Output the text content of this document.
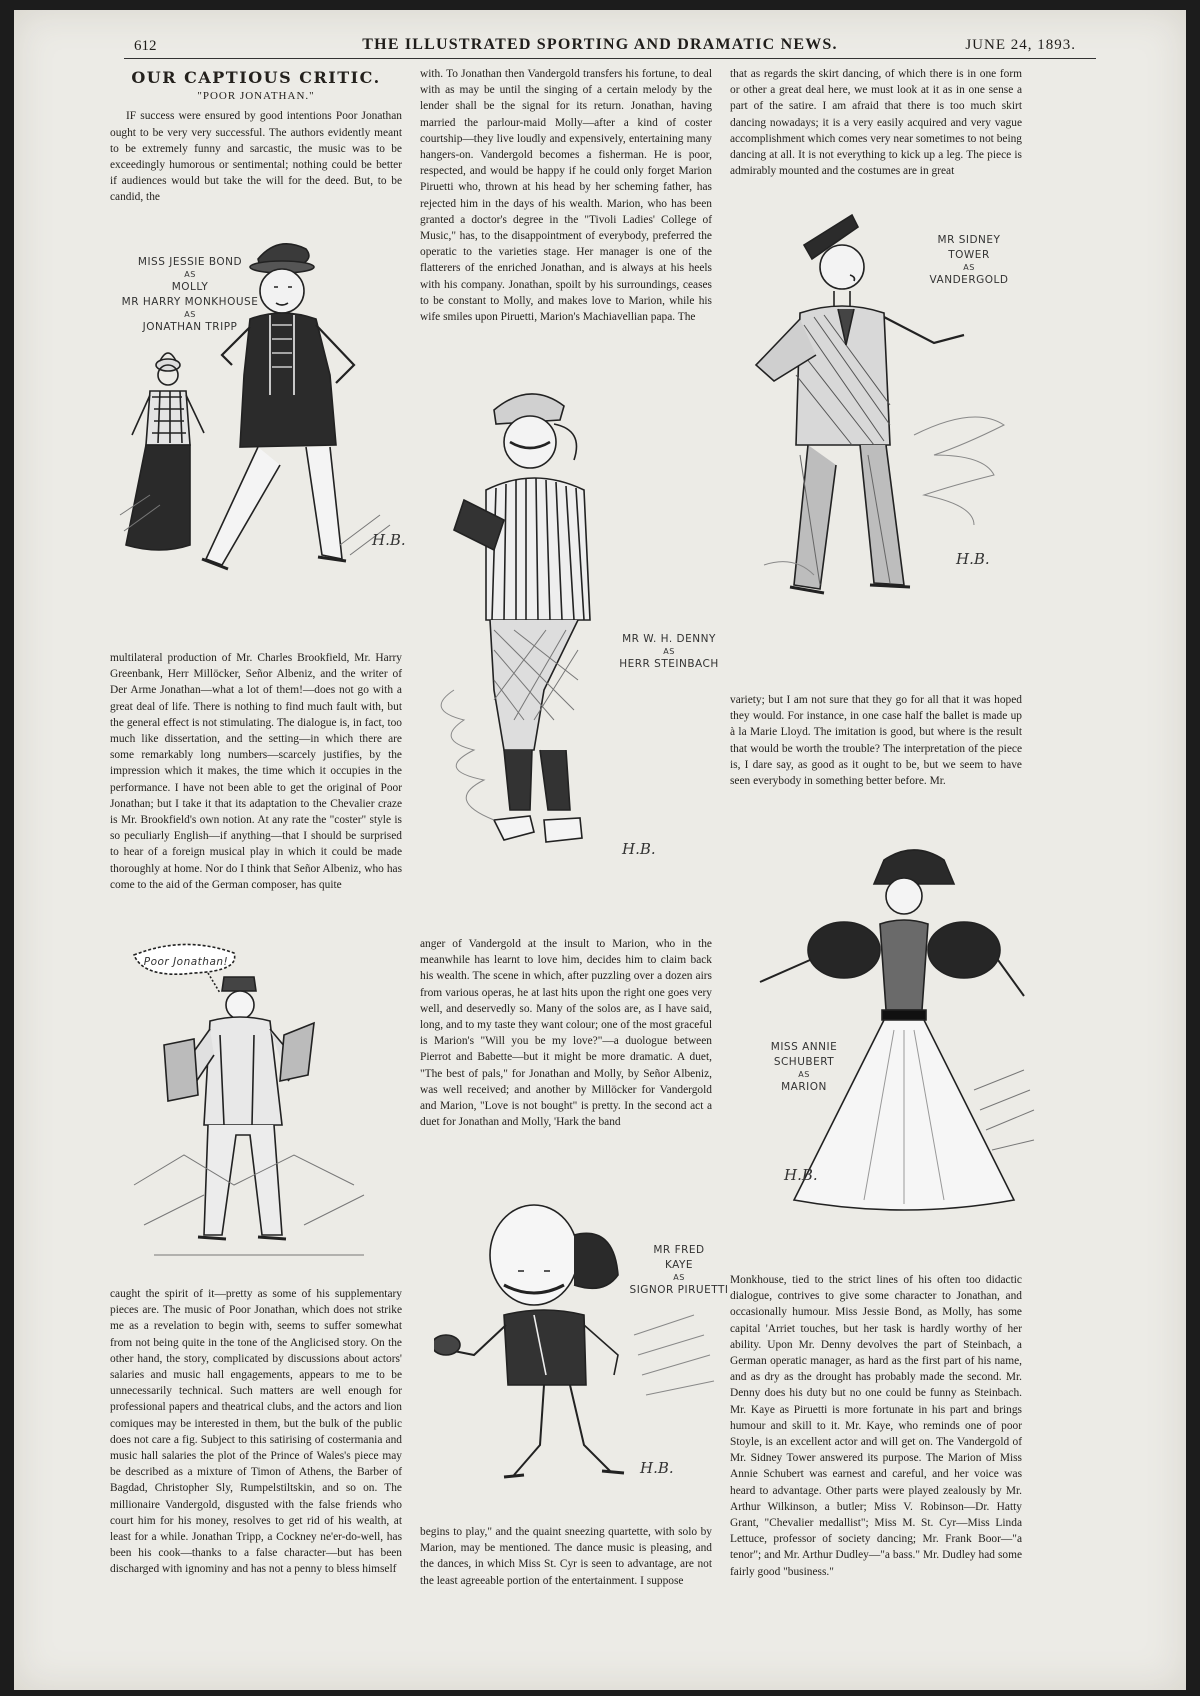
612	THE ILLUSTRATED SPORTING AND DRAMATIC NEWS.	JUNE 24, 1893.
OUR CAPTIOUS CRITIC.
"POOR JONATHAN."

IF success were ensured by good intentions Poor Jonathan ought to be very very successful. The authors evidently meant to be extremely funny and sarcastic, the music was to be exceedingly humorous or sentimental; nothing could be better if audiences would but take the will for the deed. But, to be candid, the

with. To Jonathan then Vandergold transfers his fortune, to deal with as may be until the singing of a certain melody by the lender shall be the signal for its return. Jonathan, having married the parlour-maid Molly—after a kind of coster courtship—they live loudly and expensively, entertaining many hangers-on. Vandergold becomes a fisherman. He is poor, respected, and would be happy if he could only forget Marion Piruetti who, thrown at his head by her scheming father, has rejected him in the days of his wealth. Marion, who has been granted a doctor's degree in the "Tivoli Ladies' College of Music," has, to the disappointment of everybody, preferred the operatic to the varieties stage. Her manager is one of the flatterers of the enriched Jonathan, and is always at his heels with his company. Jonathan, spoilt by his surroundings, ceases to be constant to Molly, and makes love to Marion, while his wife smiles upon Piruetti, Marion's Machiavellian papa. The

that as regards the skirt dancing, of which there is in one form or other a great deal here, we must look at it as in one sense a part of the satire. I am afraid that there is too much skirt dancing nowadays; it is a very easily acquired and very vague accomplishment which comes very near sometimes to not being dancing at all. It is not everything to kick up a leg. The piece is admirably mounted and the costumes are in great

MISS JESSIE BOND
AS
MOLLY
MR HARRY MONKHOUSE
AS
JONATHAN TRIPP
H.B.
MR SIDNEY
TOWER
AS
VANDERGOLD
H.B.
MR W. H. DENNY
AS
HERR STEINBACH
H.B.

multilateral production of Mr. Charles Brookfield, Mr. Harry Greenbank, Herr Millöcker, Señor Albeniz, and the writer of Der Arme Jonathan—what a lot of them!—does not go with a great deal of life. There is nothing to find much fault with, but the general effect is not stimulating. The dialogue is, in fact, too much like dissertation, and the setting—in which there are some remarkably long numbers—scarcely justifies, by the impression which it makes, the time which it occupies in the performance. I have not been able to get the original of Poor Jonathan; but I take it that its adaptation to the Chevalier craze is Mr. Brookfield's own notion. At any rate the "coster" style is so peculiarly English—if anything—that I should be surprised to hear of a foreign musical play in which it could be made thoroughly at home. Nor do I think that Señor Albeniz, who has come to the aid of the German composer, has quite

variety; but I am not sure that they go for all that it was hoped they would. For instance, in one case half the ballet is made up à la Marie Lloyd. The imitation is good, but where is the result that would be worth the trouble? The interpretation of the piece is, I dare say, as good as it ought to be, but we seem to have seen everybody in something better before. Mr.

Poor Jonathan!

anger of Vandergold at the insult to Marion, who in the meanwhile has learnt to love him, decides him to claim back his wealth. The scene in which, after puzzling over a dozen airs from various operas, he at last hits upon the right one goes very well, and deservedly so. Many of the solos are, as I have said, long, and to my taste they want colour; one of the most graceful is Marion's "Will you be my love?"—a duologue between Pierrot and Babette—but it might be more dramatic. A duet, "The best of pals," for Jonathan and Molly, by Señor Albeniz, was well received; and another by Millöcker for Vandergold and Marion, "Love is not bought" is pretty. In the second act a duet for Jonathan and Molly, 'Hark the band

MISS ANNIE
SCHUBERT
AS
MARION
H.B.

caught the spirit of it—pretty as some of his supplementary pieces are. The music of Poor Jonathan, which does not strike me as a revelation to begin with, seems to suffer somewhat from not being quite in the tone of the Anglicised story. On the other hand, the story, complicated by discussions about actors' salaries and music hall engagements, appears to me to be unnecessarily technical. Such matters are well enough for professional papers and theatrical clubs, and the actors and lion comiques may be interested in them, but the bulk of the public does not care a fig. Subject to this satirising of costermania and music hall salaries the plot of the Prince of Wales's piece may be described as a mixture of Timon of Athens, the Barber of Bagdad, Christopher Sly, Rumpelstiltskin, and so on. The millionaire Vandergold, disgusted with the false friends who court him for his money, resolves to get rid of his wealth, at least for a while. Jonathan Tripp, a Cockney ne'er-do-well, has been his cook—thanks to a false character—but has been discharged with ignominy and has not a penny to bless himself

MR FRED
KAYE
AS
SIGNOR PIRUETTI
H.B.

begins to play," and the quaint sneezing quartette, with solo by Marion, may be mentioned. The dance music is pleasing, and the dances, in which Miss St. Cyr is seen to advantage, are not the least agreeable portion of the entertainment. I suppose

Monkhouse, tied to the strict lines of his often too didactic dialogue, contrives to give some character to Jonathan, and occasionally humour. Miss Jessie Bond, as Molly, has some capital 'Arriet touches, but her task is hardly worthy of her ability. Upon Mr. Denny devolves the part of Steinbach, a German operatic manager, as hard as the first part of his name, and as dry as the drought has probably made the second. Mr. Denny does his duty but no one could be funny as Steinbach. Mr. Kaye as Piruetti is more fortunate in his part and brings humour and skill to it. Mr. Kaye, who reminds one of poor Stoyle, is an excellent actor and will get on. The Vandergold of Mr. Sidney Tower answered its purpose. The Marion of Miss Annie Schubert was earnest and careful, and her voice was heard to advantage. Other parts were played zealously by Mr. Arthur Wilkinson, a butler; Miss V. Robinson—Dr. Hatty Grant, "Chevalier medallist"; Miss M. St. Cyr—Miss Linda Lettuce, professor of society dancing; Mr. Frank Boor—"a tenor"; and Mr. Arthur Dudley—"a bass." Mr. Dudley had some fairly good "business."
